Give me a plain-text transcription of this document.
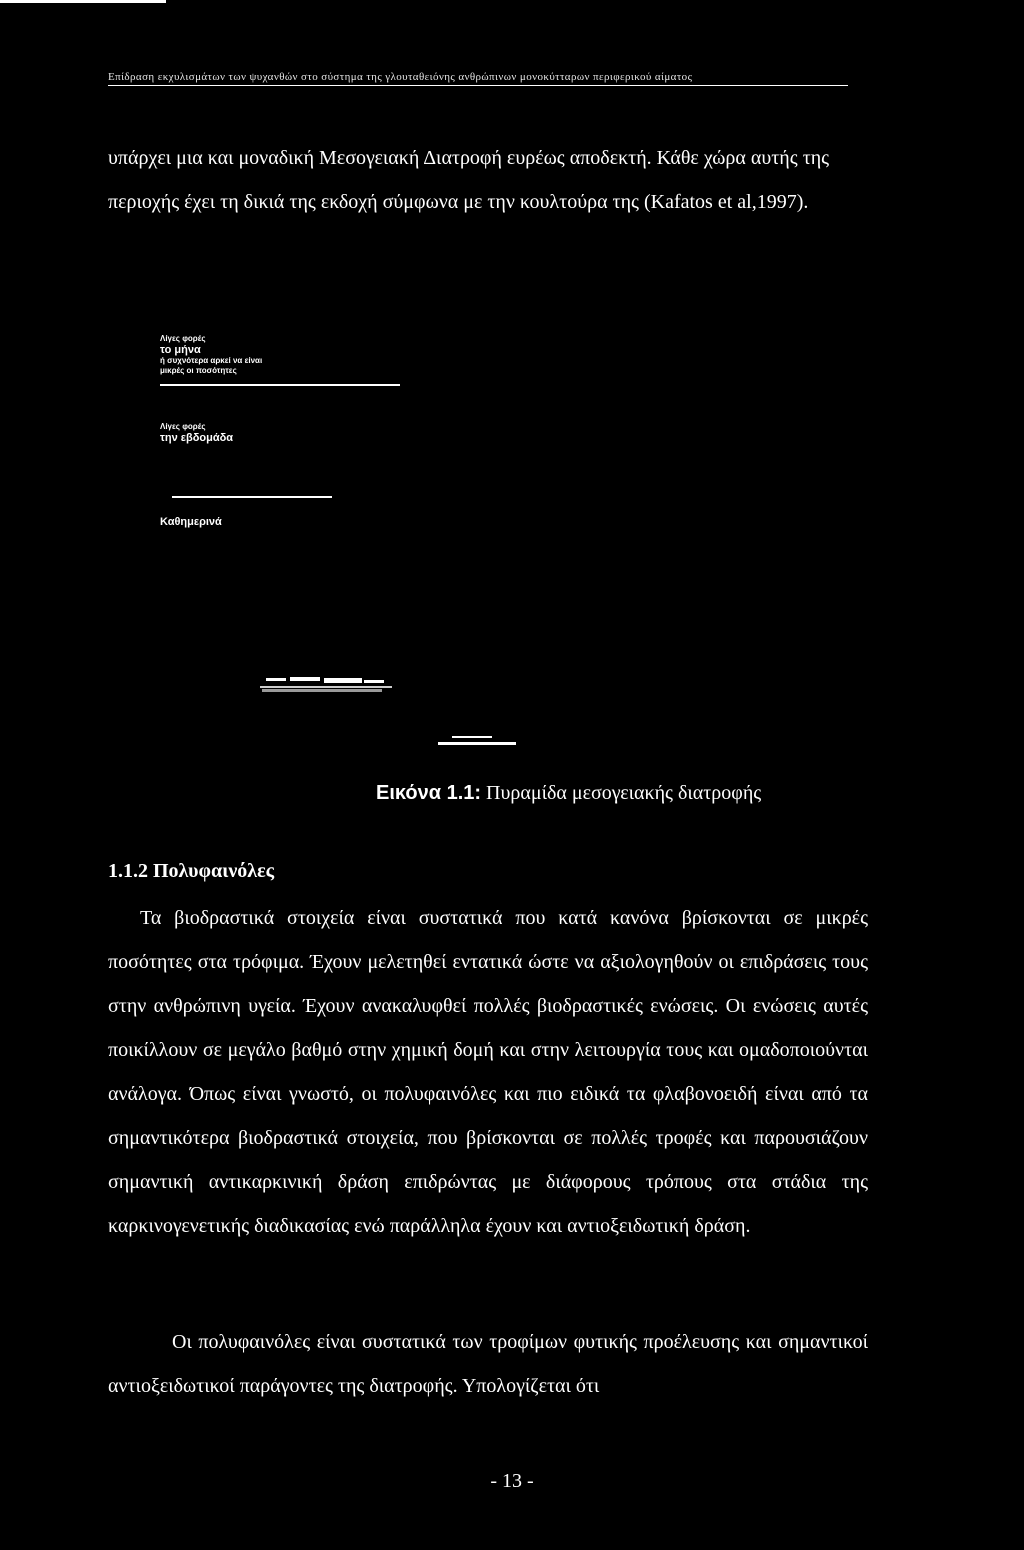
Επίδραση εκχυλισμάτων των ψυχανθών στο σύστημα της γλουταθειόνης ανθρώπινων μονοκύτταρων περιφερικού αίματος

υπάρχει μια και μοναδική Μεσογειακή Διατροφή ευρέως αποδεκτή. Κάθε χώρα αυτής της περιοχής έχει τη δικιά της εκδοχή σύμφωνα με την κουλτούρα της (Kafatos et al,1997).

Λίγες φορές
το μήνα
ή συχνότερα αρκεί να είναι
μικρές οι ποσότητες
Λίγες φορές
την εβδομάδα
Καθημερινά
Εικόνα 1.1: Πυραμίδα μεσογειακής διατροφής
1.1.2 Πολυφαινόλες

Τα βιοδραστικά στοιχεία είναι συστατικά που κατά κανόνα βρίσκονται σε μικρές ποσότητες στα τρόφιμα. Έχουν μελετηθεί εντατικά ώστε να αξιολογηθούν οι επιδράσεις τους στην ανθρώπινη υγεία. Έχουν ανακαλυφθεί πολλές βιοδραστικές ενώσεις. Οι ενώσεις αυτές ποικίλλουν σε μεγάλο βαθμό στην χημική δομή και στην λειτουργία τους και ομαδοποιούνται ανάλογα. Όπως είναι γνωστό, οι πολυφαινόλες και πιο ειδικά τα φλαβονοειδή είναι από τα σημαντικότερα βιοδραστικά στοιχεία, που βρίσκονται σε πολλές τροφές και παρουσιάζουν σημαντική αντικαρκινική δράση επιδρώντας με διάφορους τρόπους στα στάδια της καρκινογενετικής διαδικασίας ενώ παράλληλα έχουν και αντιοξειδωτική δράση.

Οι πολυφαινόλες είναι συστατικά των τροφίμων φυτικής προέλευσης και σημαντικοί αντιοξειδωτικοί παράγοντες της διατροφής. Υπολογίζεται ότι

- 13 -
